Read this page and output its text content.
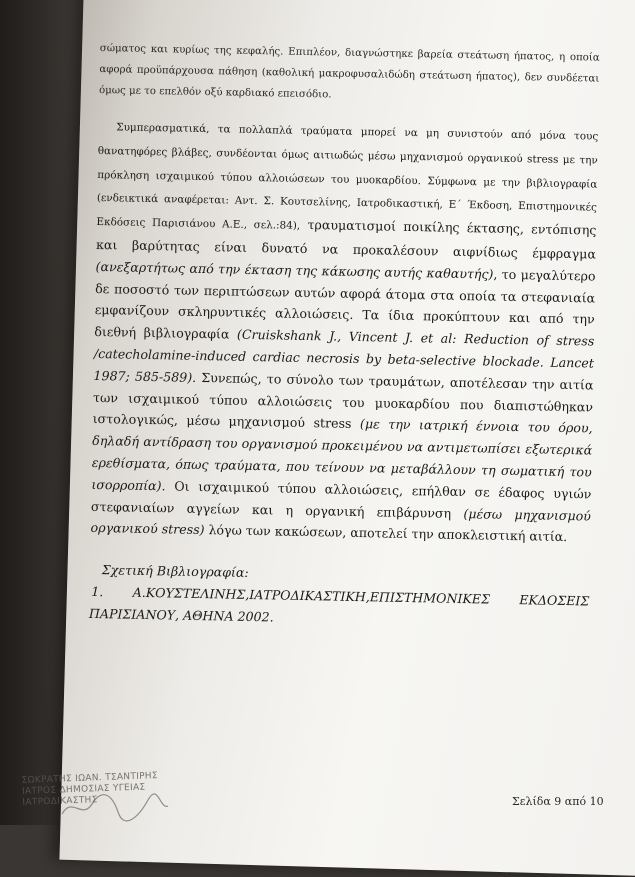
σώματος και κυρίως της κεφαλής. Επιπλέον, διαγνώστηκε βαρεία στεάτωση ήπατος, η οποία αφορά προϋπάρχουσα πάθηση (καθολική μακροφυσαλιδώδη στεάτωση ήπατος), δεν συνδέεται όμως με το επελθόν οξύ καρδιακό επεισόδιο.

Συμπερασματικά, τα πολλαπλά τραύματα μπορεί να μη συνιστούν από μόνα τους θανατηφόρες βλάβες, συνδέονται όμως αιτιωδώς μέσω μηχανισμού οργανικού stress με την πρόκληση ισχαιμικού τύπου αλλοιώσεων του μυοκαρδίου. Σύμφωνα με την βιβλιογραφία (ενδεικτικά αναφέρεται: Αντ. Σ. Κουτσελίνης, Ιατροδικαστική, Ε΄ Έκδοση, Επιστημονικές Εκδόσεις Παρισιάνου Α.Ε., σελ.:84), τραυματισμοί ποικίλης έκτασης, εντόπισης και βαρύτητας είναι δυνατό να προκαλέσουν αιφνίδιως έμφραγμα (ανεξαρτήτως από την έκταση της κάκωσης αυτής καθαυτής), το μεγαλύτερο δε ποσοστό των περιπτώσεων αυτών αφορά άτομα στα οποία τα στεφανιαία εμφανίζουν σκληρυντικές αλλοιώσεις. Τα ίδια προκύπτουν και από την διεθνή βιβλιογραφία (Cruiskshank J., Vincent J. et al: Reduction of stress /catecholamine-induced cardiac necrosis by beta-selective blockade. Lancet 1987; 585-589). Συνεπώς, το σύνολο των τραυμάτων, αποτέλεσαν την αιτία των ισχαιμικού τύπου αλλοιώσεις του μυοκαρδίου που διαπιστώθηκαν ιστολογικώς, μέσω μηχανισμού stress (με την ιατρική έννοια του όρου, δηλαδή αντίδραση του οργανισμού προκειμένου να αντιμετωπίσει εξωτερικά ερεθίσματα, όπως τραύματα, που τείνουν να μεταβάλλουν τη σωματική του ισορροπία). Οι ισχαιμικού τύπου αλλοιώσεις, επήλθαν σε έδαφος υγιών στεφανιαίων αγγείων και η οργανική επιβάρυνση (μέσω μηχανισμού οργανικού stress) λόγω των κακώσεων, αποτελεί την αποκλειστική αιτία.

Σχετική Βιβλιογραφία:
1. Α.ΚΟΥΣΤΕΛΙΝΗΣ,ΙΑΤΡΟΔΙΚΑΣΤΙΚΗ,ΕΠΙΣΤΗΜΟΝΙΚΕΣ ΕΚΔΟΣΕΙΣ
ΠΑΡΙΣΙΑΝΟΥ, ΑΘΗΝΑ 2002.
ΣΩΚΡΑΤΗΣ ΙΩΑΝ. ΤΣΑΝΤΙΡΗΣ
ΙΑΤΡΟΣ ΔΗΜΟΣΙΑΣ ΥΓΕΙΑΣ
ΙΑΤΡΟΔΙΚΑΣΤΗΣ	Σελίδα 9 από 10
